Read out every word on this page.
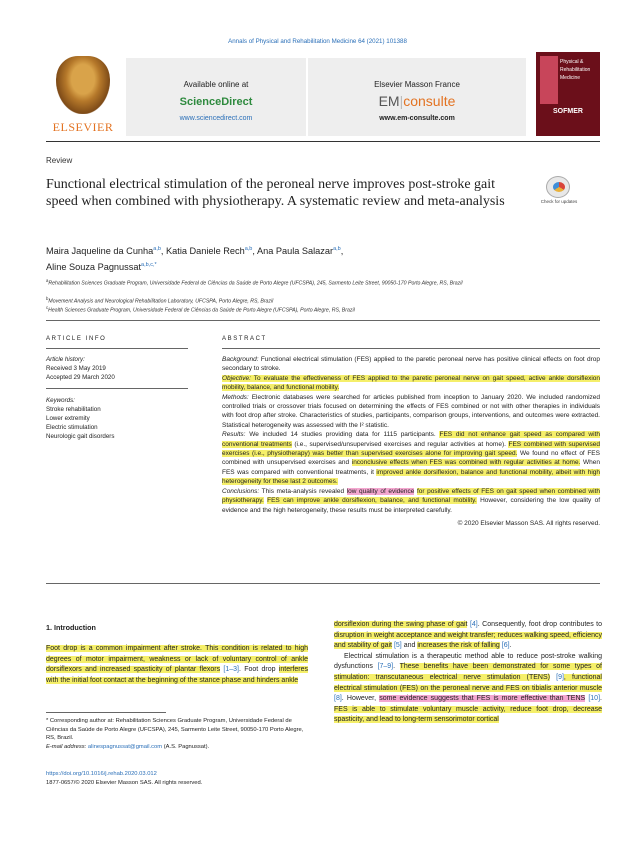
Annals of Physical and Rehabilitation Medicine 64 (2021) 101388
ELSEVIER
Available online at
ScienceDirect
www.sciencedirect.com
Elsevier Masson France
EM|consulte
www.em-consulte.com
Physical & Rehabilitation Medicine
SOFMER
Review
Functional electrical stimulation of the peroneal nerve improves post-stroke gait speed when combined with physiotherapy. A systematic review and meta-analysis	Check for updates
Maira Jaqueline da Cunha$^{a,b}$, Katia Daniele Rech$^{a,b}$, Ana Paula Salazar$^{a,b}$,
Aline Souza Pagnussat$^{a,b,c,*}$
$^a$Rehabilitation Sciences Graduate Program, Universidade Federal de Ciências da Saúde de Porto Alegre (UFCSPA), 245, Sarmento Leite Street, 90050-170 Porto Alegre, RS, Brazil
$^b$Movement Analysis and Neurological Rehabilitation Laboratory, UFCSPA, Porto Alegre, RS, Brazil
$^c$Health Sciences Graduate Program, Universidade Federal de Ciências da Saúde de Porto Alegre (UFCSPA), Porto Alegre, RS, Brazil
ARTICLE INFO	ABSTRACT
Article history:
Received 3 May 2019
Accepted 29 March 2020
Keywords:
Stroke rehabilitation
Lower extremity
Electric stimulation
Neurologic gait disorders
Background: Functional electrical stimulation (FES) applied to the paretic peroneal nerve has positive clinical effects on foot drop secondary to stroke.
Objective: To evaluate the effectiveness of FES applied to the paretic peroneal nerve on gait speed, active ankle dorsiflexion mobility, balance, and functional mobility.
Methods: Electronic databases were searched for articles published from inception to January 2020. We included randomized controlled trials or crossover trials focused on determining the effects of FES combined or not with other therapies in individuals with foot drop after stroke. Characteristics of studies, participants, comparison groups, interventions, and outcomes were extracted. Statistical heterogeneity was assessed with the I² statistic.
Results: We included 14 studies providing data for 1115 participants. FES did not enhance gait speed as compared with conventional treatments (i.e., supervised/unsupervised exercises and regular activities at home). FES combined with supervised exercises (i.e., physiotherapy) was better than supervised exercises alone for improving gait speed. We found no effect of FES combined with unsupervised exercises and inconclusive effects when FES was combined with regular activities at home. When FES was compared with conventional treatments, it improved ankle dorsiflexion, balance and functional mobility, albeit with high heterogeneity for these last 2 outcomes.
Conclusions: This meta-analysis revealed low quality of evidence for positive effects of FES on gait speed when combined with physiotherapy. FES can improve ankle dorsiflexion, balance, and functional mobility. However, considering the low quality of evidence and the high heterogeneity, these results must be interpreted carefully.
© 2020 Elsevier Masson SAS. All rights reserved.
1. Introduction
Foot drop is a common impairment after stroke. This condition is related to high degrees of motor impairment, weakness or lack of voluntary control of ankle dorsiflexors and increased spasticity of plantar flexors [1–3]. Foot drop interferes with the initial foot contact at the beginning of the stance phase and hinders ankle
dorsiflexion during the swing phase of gait [4]. Consequently, foot drop contributes to disruption in weight acceptance and weight transfer; reduces walking speed, efficiency and stability of gait [5] and increases the risk of falling [6].
Electrical stimulation is a therapeutic method able to reduce post-stroke walking dysfunctions [7–9]. These benefits have been demonstrated for some types of stimulation: transcutaneous electrical nerve stimulation (TENS) [9], functional electrical stimulation (FES) on the peroneal nerve and FES on tibialis anterior muscle [8]. However, some evidence suggests that FES is more effective than TENS [10]. FES is able to stimulate voluntary muscle activity, reduce foot drop, decrease spasticity, and lead to long-term sensorimotor cortical
* Corresponding author at: Rehabilitation Sciences Graduate Program, Universidade Federal de Ciências da Saúde de Porto Alegre (UFCSPA), 245, Sarmento Leite Street, 90050-170 Porto Alegre, RS, Brazil.
E-mail address: alinespagnussat@gmail.com (A.S. Pagnussat).
https://doi.org/10.1016/j.rehab.2020.03.012
1877-0657/© 2020 Elsevier Masson SAS. All rights reserved.
